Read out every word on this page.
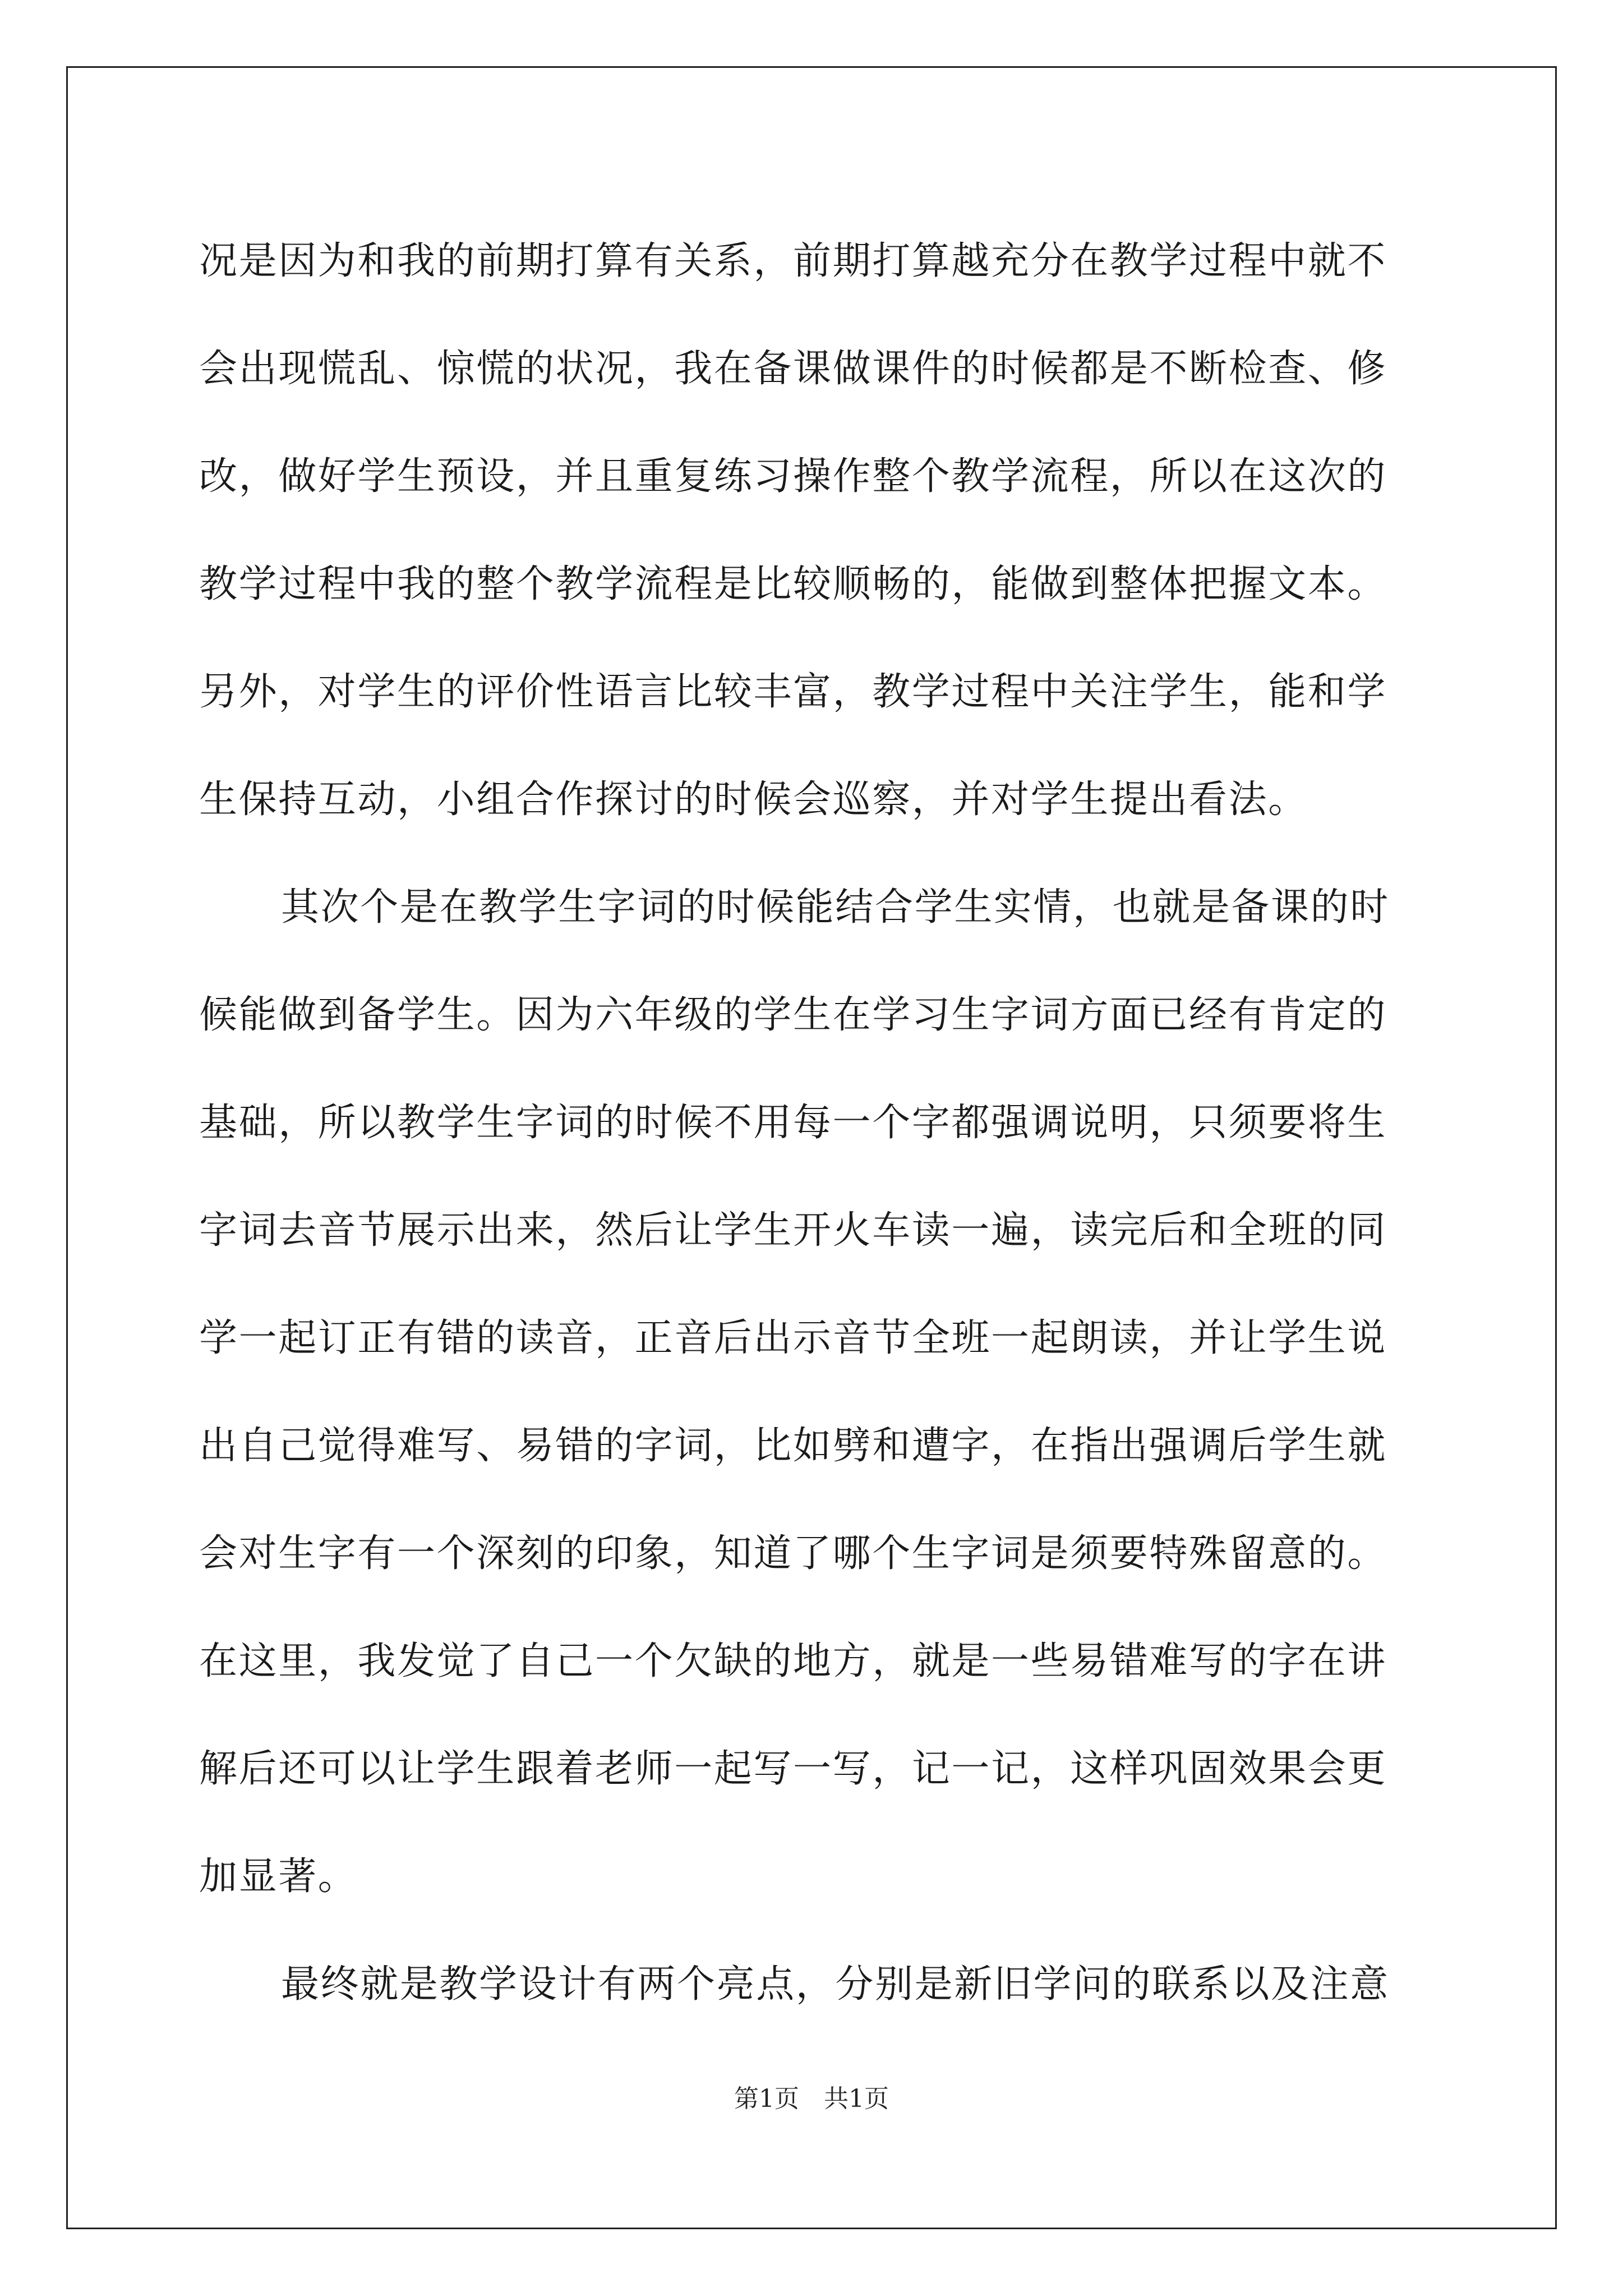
况是因为和我的前期打算有关系，前期打算越充分在教学过程中就不
会出现慌乱、惊慌的状况，我在备课做课件的时候都是不断检查、修
改，做好学生预设，并且重复练习操作整个教学流程，所以在这次的
教学过程中我的整个教学流程是比较顺畅的，能做到整体把握文本。
另外，对学生的评价性语言比较丰富，教学过程中关注学生，能和学
生保持互动，小组合作探讨的时候会巡察，并对学生提出看法。
其次个是在教学生字词的时候能结合学生实情，也就是备课的时
候能做到备学生。因为六年级的学生在学习生字词方面已经有肯定的
基础，所以教学生字词的时候不用每一个字都强调说明，只须要将生
字词去音节展示出来，然后让学生开火车读一遍，读完后和全班的同
学一起订正有错的读音，正音后出示音节全班一起朗读，并让学生说
出自己觉得难写、易错的字词，比如劈和遭字，在指出强调后学生就
会对生字有一个深刻的印象，知道了哪个生字词是须要特殊留意的。
在这里，我发觉了自己一个欠缺的地方，就是一些易错难写的字在讲
解后还可以让学生跟着老师一起写一写，记一记，这样巩固效果会更
加显著。
最终就是教学设计有两个亮点，分别是新旧学问的联系以及注意
第1页　共1页
